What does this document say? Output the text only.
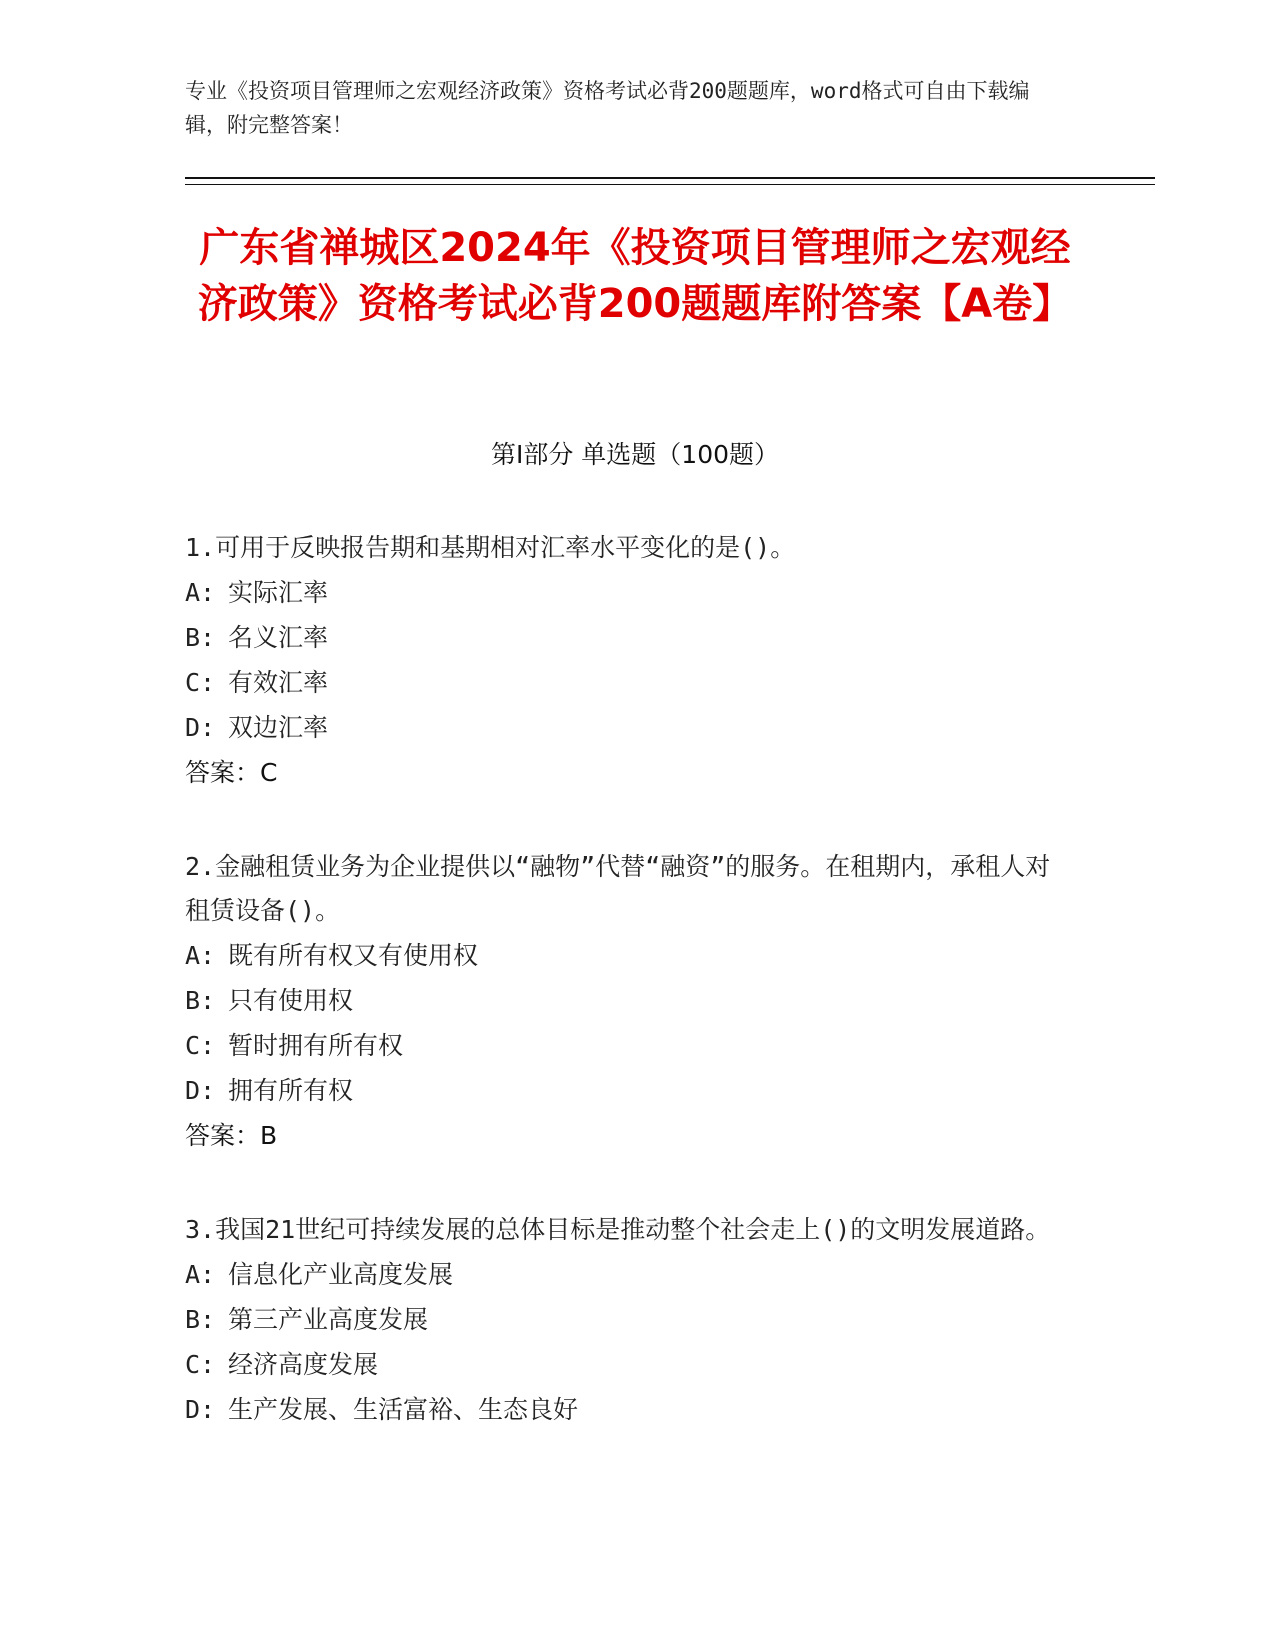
专业《投资项目管理师之宏观经济政策》资格考试必背200题题库，word格式可自由下载编辑，附完整答案！
广东省禅城区2024年《投资项目管理师之宏观经济政策》资格考试必背200题题库附答案【A卷】
第Ⅰ部分 单选题（100题）
1.可用于反映报告期和基期相对汇率水平变化的是()。
A: 实际汇率
B: 名义汇率
C: 有效汇率
D: 双边汇率
答案：C
2.金融租赁业务为企业提供以“融物”代替“融资”的服务。在租期内，承租人对租赁设备()。
A: 既有所有权又有使用权
B: 只有使用权
C: 暂时拥有所有权
D: 拥有所有权
答案：B
3.我国21世纪可持续发展的总体目标是推动整个社会走上()的文明发展道路。
A: 信息化产业高度发展
B: 第三产业高度发展
C: 经济高度发展
D: 生产发展、生活富裕、生态良好
